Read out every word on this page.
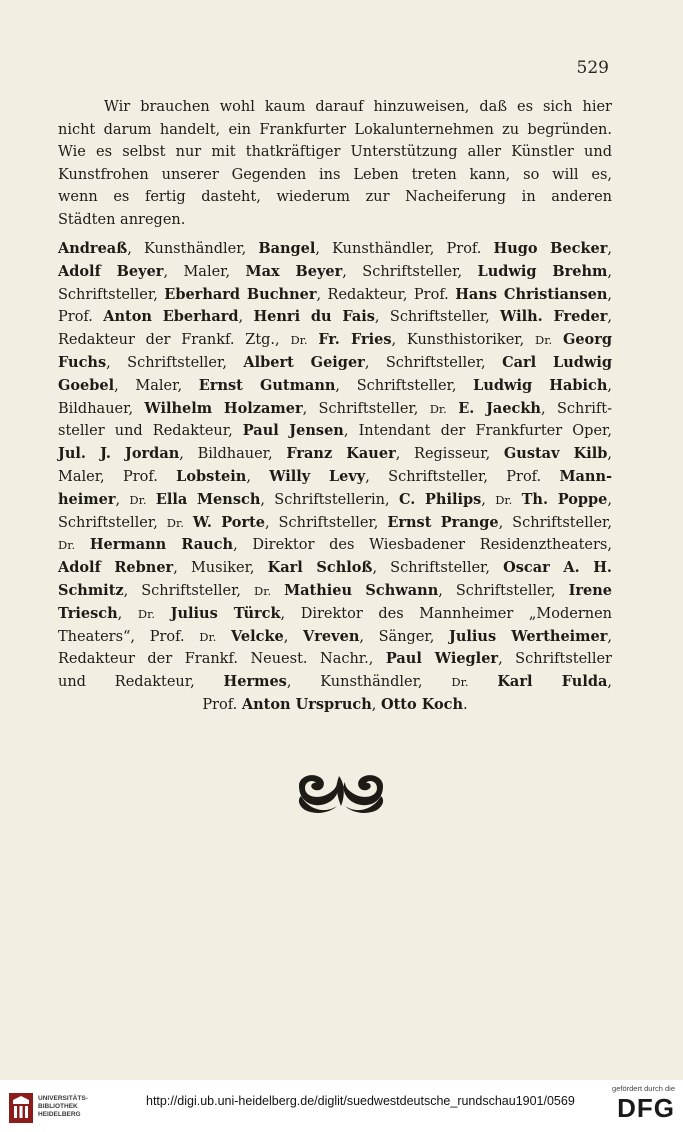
529
Wir brauchen wohl kaum darauf hinzuweisen, daß es sich hier
nicht darum handelt, ein Frankfurter Lokalunternehmen zu begründen.
Wie es selbst nur mit thatkräftiger Unterstützung aller Künstler und
Kunstfrohen unserer Gegenden ins Leben treten kann, so will es,
wenn es fertig dasteht, wiederum zur Nacheiferung in anderen
Städten anregen.
Andreaß, Kunsthändler, Bangel, Kunsthändler, Prof. Hugo Becker,
Adolf Beyer, Maler, Max Beyer, Schriftsteller, Ludwig Brehm,
Schriftsteller, Eberhard Buchner, Redakteur, Prof. Hans Christiansen,
Prof. Anton Eberhard, Henri du Fais, Schriftsteller, Wilh. Freder,
Redakteur der Frankf. Ztg., Dr. Fr. Fries, Kunsthistoriker, Dr. Georg
Fuchs, Schriftsteller, Albert Geiger, Schriftsteller, Carl Ludwig
Goebel, Maler, Ernst Gutmann, Schriftsteller, Ludwig Habich,
Bildhauer, Wilhelm Holzamer, Schriftsteller, Dr. E. Jaeckh, Schrift-
steller und Redakteur, Paul Jensen, Intendant der Frankfurter Oper,
Jul. J. Jordan, Bildhauer, Franz Kauer, Regisseur, Gustav Kilb,
Maler, Prof. Lobstein, Willy Levy, Schriftsteller, Prof. Mann-
heimer, Dr. Ella Mensch, Schriftstellerin, C. Philips, Dr. Th. Poppe,
Schriftsteller, Dr. W. Porte, Schriftsteller, Ernst Prange, Schriftsteller,
Dr. Hermann Rauch, Direktor des Wiesbadener Residenztheaters,
Adolf Rebner, Musiker, Karl Schloß, Schriftsteller, Oscar A. H.
Schmitz, Schriftsteller, Dr. Mathieu Schwann, Schriftsteller, Irene
Triesch, Dr. Julius Türck, Direktor des Mannheimer „Modernen
Theaters“, Prof. Dr. Velcke, Vreven, Sänger, Julius Wertheimer,
Redakteur der Frankf. Neuest. Nachr., Paul Wiegler, Schriftsteller
und Redakteur, Hermes, Kunsthändler, Dr. Karl Fulda,
Prof. Anton Urspruch, Otto Koch.
UNIVERSITÄTS-
BIBLIOTHEK
HEIDELBERG
http://digi.ub.uni-heidelberg.de/diglit/suedwestdeutsche_rundschau1901/0569
gefördert durch die
DFG
